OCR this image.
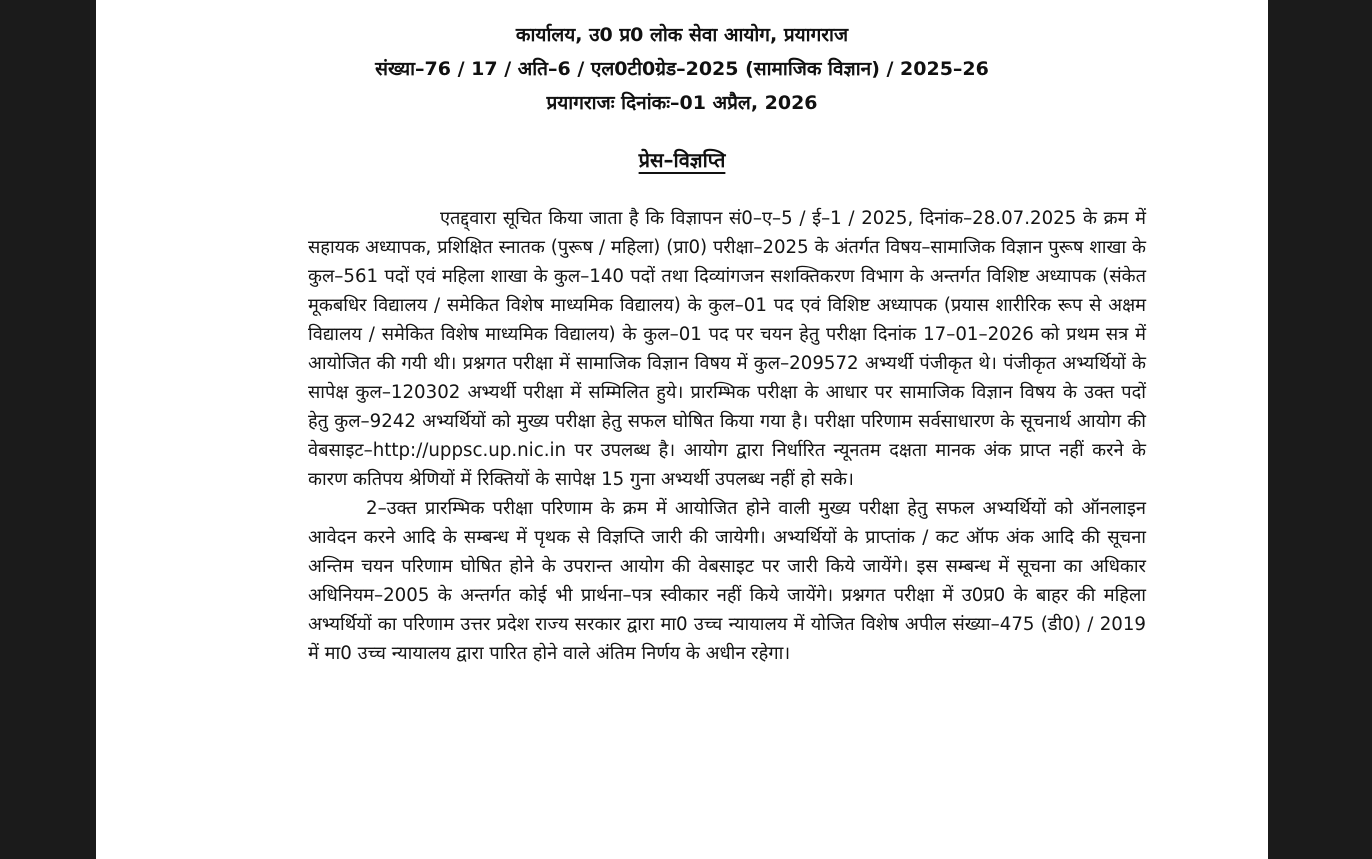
कार्यालय, उ0 प्र0 लोक सेवा आयोग, प्रयागराज
संख्या–76 / 17 / अति–6 / एल0टी0ग्रेड–2025 (सामाजिक विज्ञान) / 2025–26
प्रयागराजः दिनांकः–01 अप्रैल, 2026
प्रेस–विज्ञप्ति

एतद्द्वारा सूचित किया जाता है कि विज्ञापन सं0–ए–5 / ई–1 / 2025, दिनांक–28.07.2025 के क्रम में सहायक अध्यापक, प्रशिक्षित स्नातक (पुरूष / महिला) (प्रा0) परीक्षा–2025 के अंतर्गत विषय–सामाजिक विज्ञान पुरूष शाखा के कुल–561 पदों एवं महिला शाखा के कुल–140 पदों तथा दिव्यांगजन सशक्तिकरण विभाग के अन्तर्गत विशिष्ट अध्यापक (संकेत मूकबधिर विद्यालय / समेकित विशेष माध्यमिक विद्यालय) के कुल–01 पद एवं विशिष्ट अध्यापक (प्रयास शारीरिक रूप से अक्षम विद्यालय / समेकित विशेष माध्यमिक विद्यालय) के कुल–01 पद पर चयन हेतु परीक्षा दिनांक 17–01–2026 को प्रथम सत्र में आयोजित की गयी थी। प्रश्नगत परीक्षा में सामाजिक विज्ञान विषय में कुल–209572 अभ्यर्थी पंजीकृत थे। पंजीकृत अभ्यर्थियों के सापेक्ष कुल–120302 अभ्यर्थी परीक्षा में सम्मिलित हुये। प्रारम्भिक परीक्षा के आधार पर सामाजिक विज्ञान विषय के उक्त पदों हेतु कुल–9242 अभ्यर्थियों को मुख्य परीक्षा हेतु सफल घोषित किया गया है। परीक्षा परिणाम सर्वसाधारण के सूचनार्थ आयोग की वेबसाइट–http://uppsc.up.nic.in पर उपलब्ध है। आयोग द्वारा निर्धारित न्यूनतम दक्षता मानक अंक प्राप्त नहीं करने के कारण कतिपय श्रेणियों में रिक्तियों के सापेक्ष 15 गुना अभ्यर्थी उपलब्ध नहीं हो सके।

2–उक्त प्रारम्भिक परीक्षा परिणाम के क्रम में आयोजित होने वाली मुख्य परीक्षा हेतु सफल अभ्यर्थियों को ऑनलाइन आवेदन करने आदि के सम्बन्ध में पृथक से विज्ञप्ति जारी की जायेगी। अभ्यर्थियों के प्राप्तांक / कट ऑफ अंक आदि की सूचना अन्तिम चयन परिणाम घोषित होने के उपरान्त आयोग की वेबसाइट पर जारी किये जायेंगे। इस सम्बन्ध में सूचना का अधिकार अधिनियम–2005 के अन्तर्गत कोई भी प्रार्थना–पत्र स्वीकार नहीं किये जायेंगे। प्रश्नगत परीक्षा में उ0प्र0 के बाहर की महिला अभ्यर्थियों का परिणाम उत्तर प्रदेश राज्य सरकार द्वारा मा0 उच्च न्यायालय में योजित विशेष अपील संख्या–475 (डी0) / 2019 में मा0 उच्च न्यायालय द्वारा पारित होने वाले अंतिम निर्णय के अधीन रहेगा।
